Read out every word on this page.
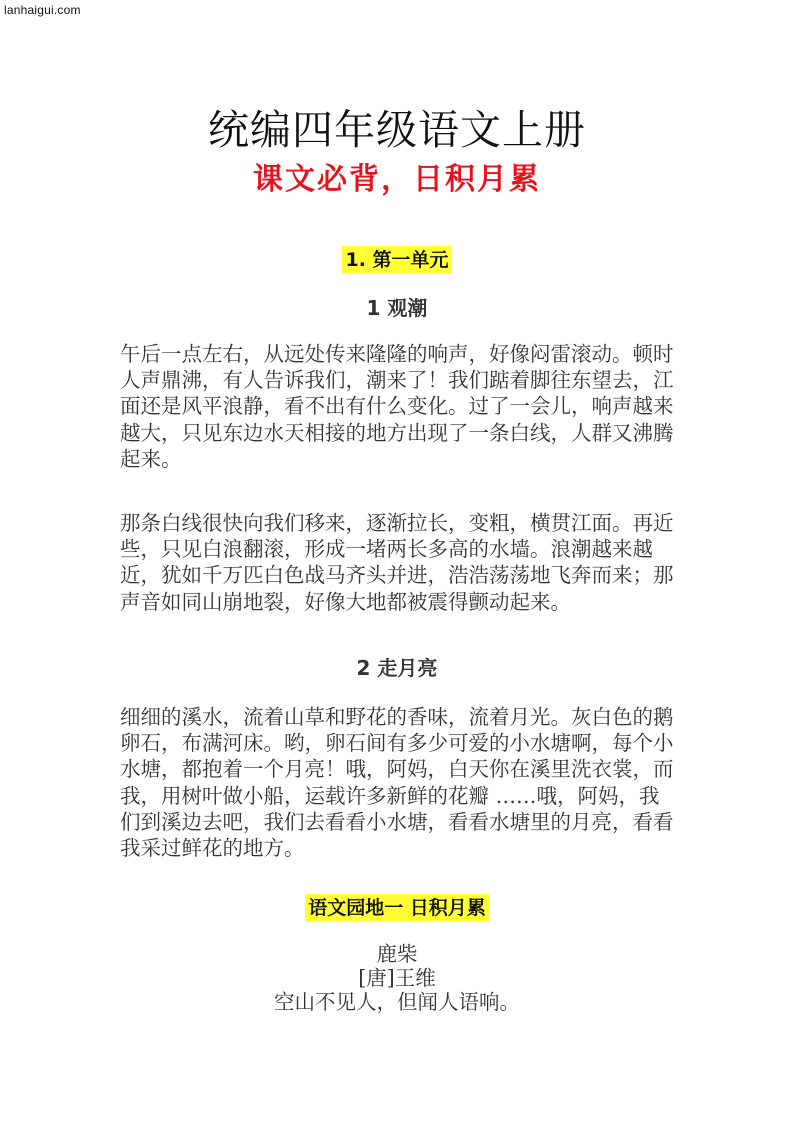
lanhaigui.com
统编四年级语文上册
课文必背，日积月累
1. 第一单元
1 观潮

午后一点左右，从远处传来隆隆的响声，好像闷雷滚动。顿时人声鼎沸，有人告诉我们，潮来了！我们踮着脚往东望去，江面还是风平浪静，看不出有什么变化。过了一会儿，响声越来越大，只见东边水天相接的地方出现了一条白线，人群又沸腾起来。

那条白线很快向我们移来，逐渐拉长，变粗，横贯江面。再近些，只见白浪翻滚，形成一堵两长多高的水墙。浪潮越来越近，犹如千万匹白色战马齐头并进，浩浩荡荡地飞奔而来；那声音如同山崩地裂，好像大地都被震得颤动起来。

2 走月亮

细细的溪水，流着山草和野花的香味，流着月光。灰白色的鹅卵石，布满河床。哟，卵石间有多少可爱的小水塘啊，每个小水塘，都抱着一个月亮！哦，阿妈，白天你在溪里洗衣裳，而我，用树叶做小船，运载许多新鲜的花瓣 ……哦，阿妈，我们到溪边去吧，我们去看看小水塘，看看水塘里的月亮，看看我采过鲜花的地方。

语文园地一 日积月累
鹿柴
[唐]王维
空山不见人，但闻人语响。
